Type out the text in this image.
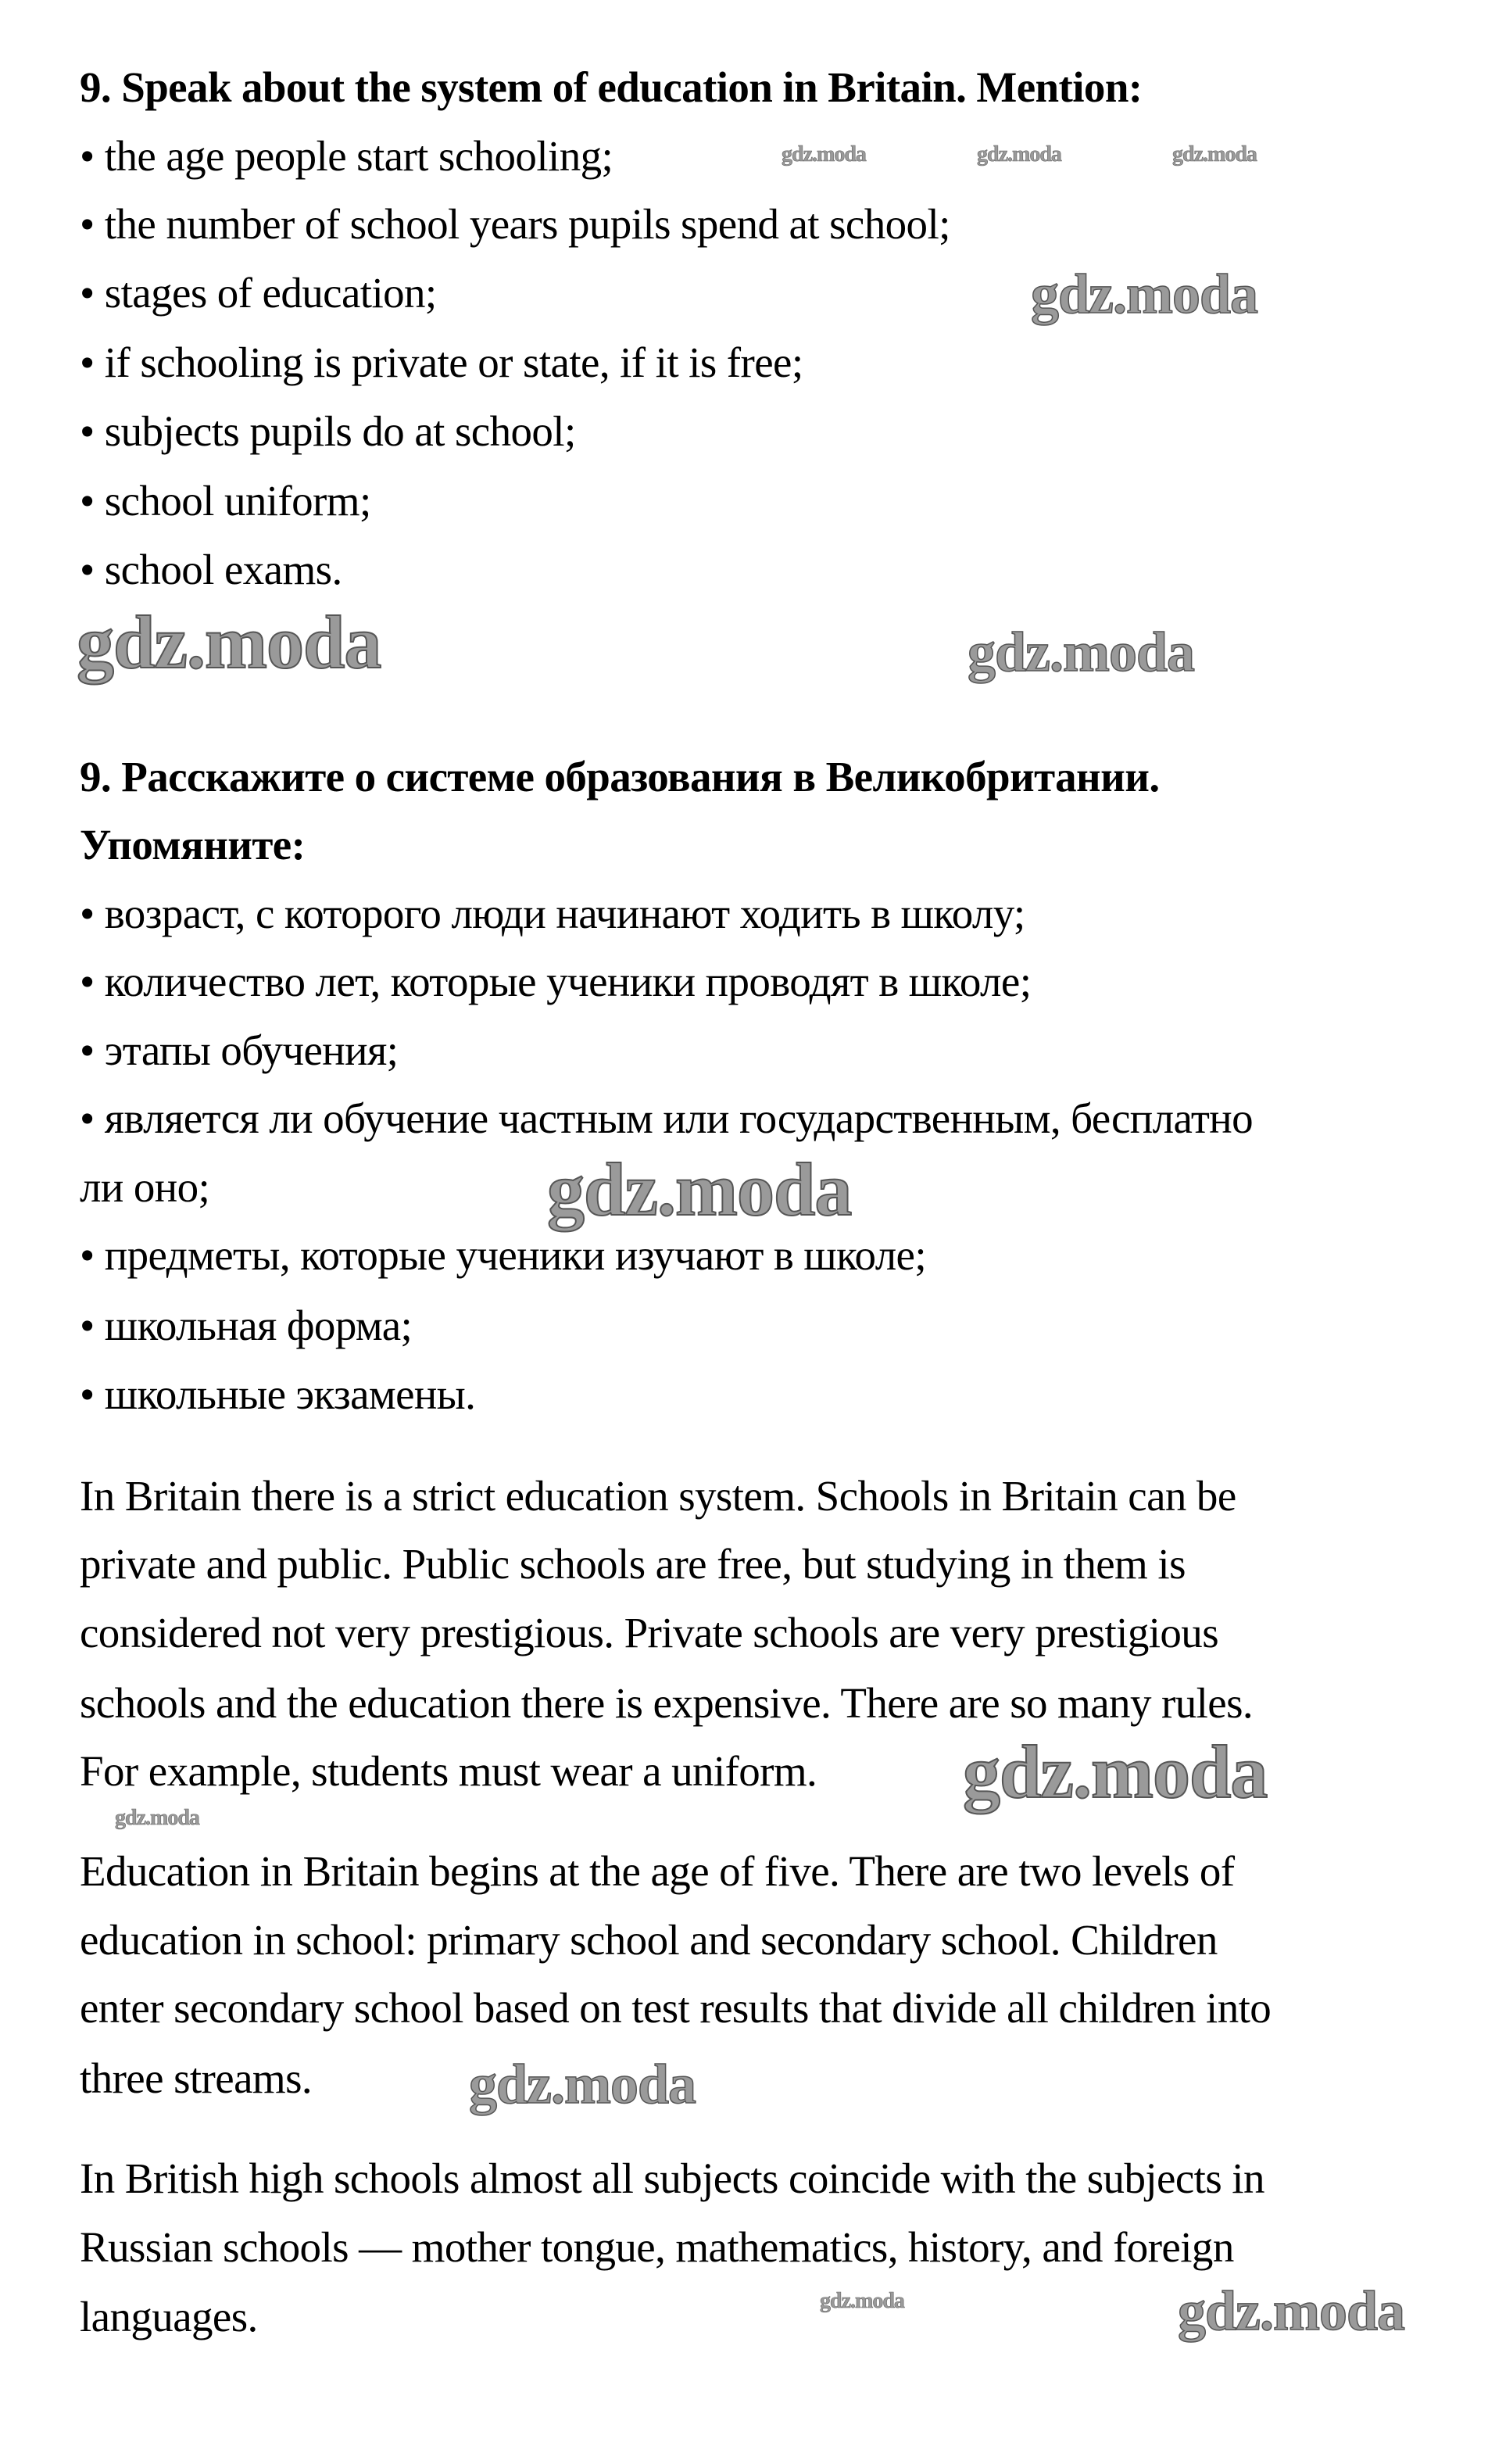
9. Speak about the system of education in Britain. Mention:
• the age people start schooling;
• the number of school years pupils spend at school;
• stages of education;
• if schooling is private or state, if it is free;
• subjects pupils do at school;
• school uniform;
• school exams.
9. Расскажите о системе образования в Великобритании.
Упомяните:
• возраст, с которого люди начинают ходить в школу;
• количество лет, которые ученики проводят в школе;
• этапы обучения;
• является ли обучение частным или государственным, бесплатно
ли оно;
• предметы, которые ученики изучают в школе;
• школьная форма;
• школьные экзамены.
In Britain there is a strict education system. Schools in Britain can be
private and public. Public schools are free, but studying in them is
considered not very prestigious. Private schools are very prestigious
schools and the education there is expensive. There are so many rules.
For example, students must wear a uniform.
Education in Britain begins at the age of five. There are two levels of
education in school: primary school and secondary school. Children
enter secondary school based on test results that divide all children into
three streams.
In British high schools almost all subjects coincide with the subjects in
Russian schools — mother tongue, mathematics, history, and foreign
languages.
gdz.moda	gdz.moda	gdz.moda
gdz.moda
gdz.moda	gdz.moda
gdz.moda
gdz.moda
gdz.moda
gdz.moda
gdz.moda	gdz.moda
